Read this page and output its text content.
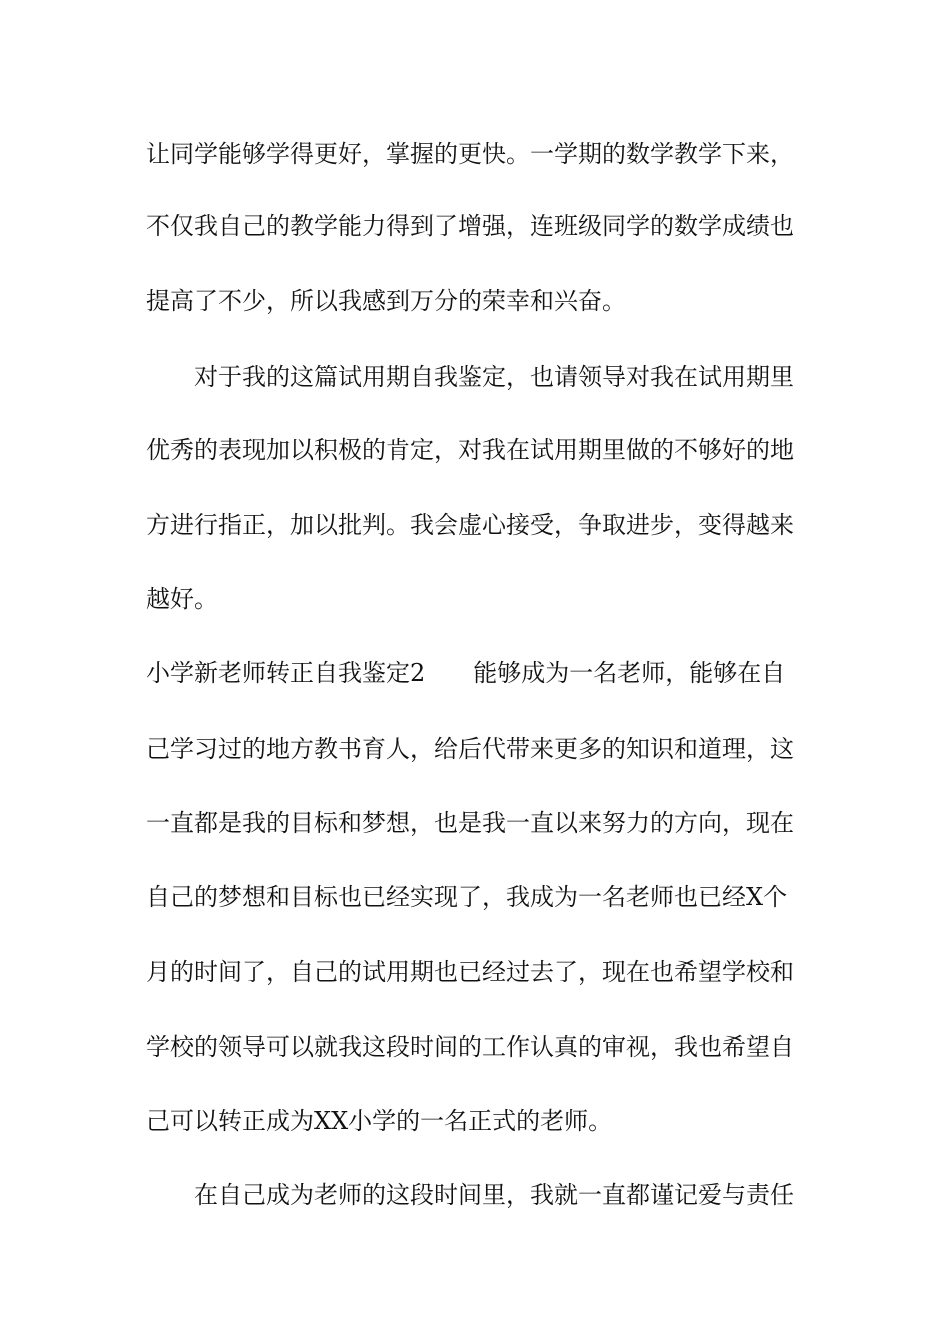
让同学能够学得更好，掌握的更快。一学期的数学教学下来，
不仅我自己的教学能力得到了增强，连班级同学的数学成绩也
提高了不少，所以我感到万分的荣幸和兴奋。
对于我的这篇试用期自我鉴定，也请领导对我在试用期里
优秀的表现加以积极的肯定，对我在试用期里做的不够好的地
方进行指正，加以批判。我会虚心接受，争取进步，变得越来
越好。
小学新老师转正自我鉴定2　　能够成为一名老师，能够在自
己学习过的地方教书育人，给后代带来更多的知识和道理，这
一直都是我的目标和梦想，也是我一直以来努力的方向，现在
自己的梦想和目标也已经实现了，我成为一名老师也已经X个
月的时间了，自己的试用期也已经过去了，现在也希望学校和
学校的领导可以就我这段时间的工作认真的审视，我也希望自
己可以转正成为XX小学的一名正式的老师。
在自己成为老师的这段时间里，我就一直都谨记爱与责任
